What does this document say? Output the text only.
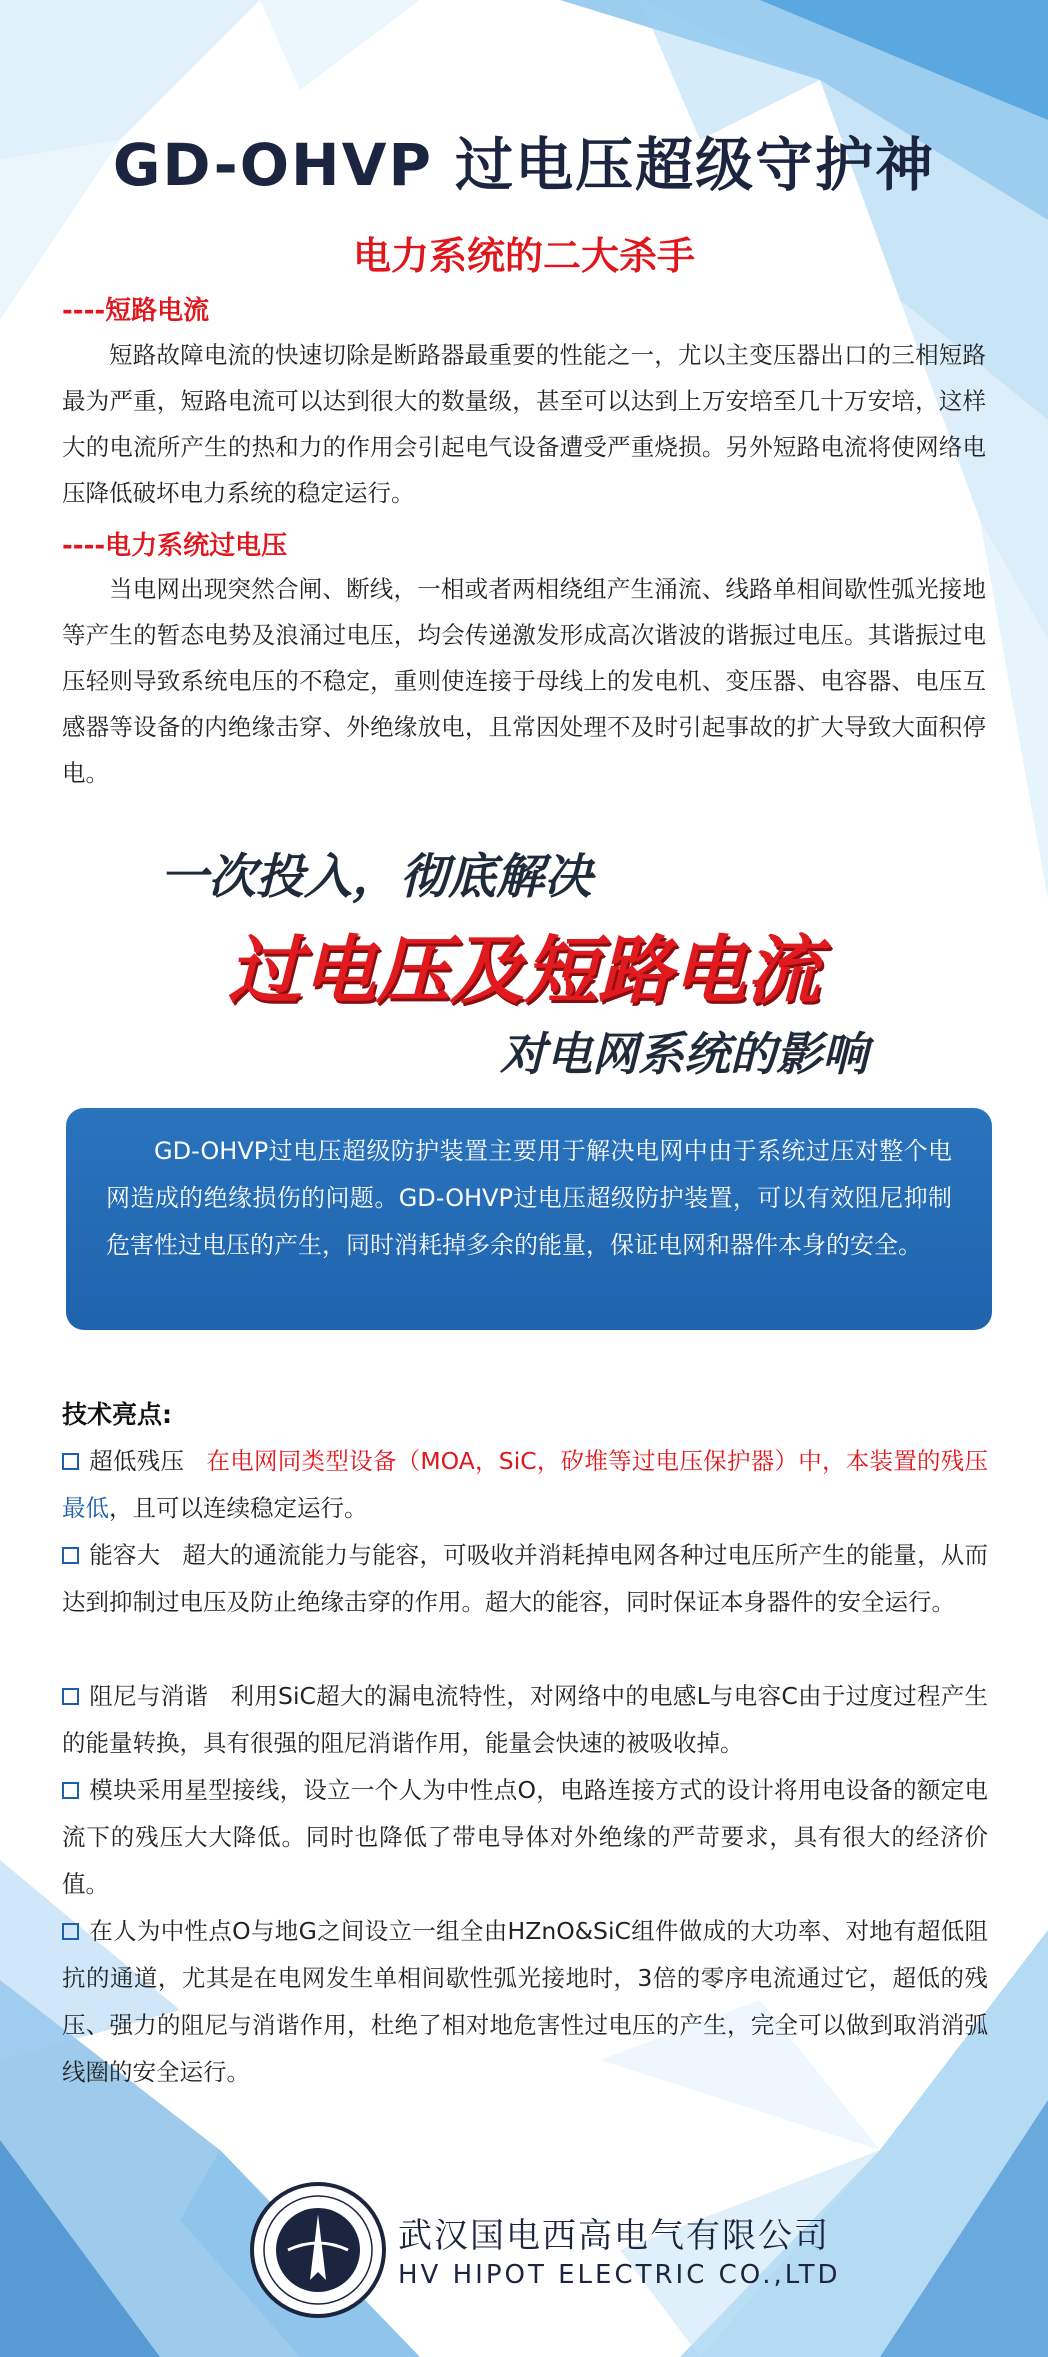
GD-OHVP 过电压超级守护神
电力系统的二大杀手
----短路电流
短路故障电流的快速切除是断路器最重要的性能之一，尤以主变压器出口的三相短路最为严重，短路电流可以达到很大的数量级，甚至可以达到上万安培至几十万安培，这样大的电流所产生的热和力的作用会引起电气设备遭受严重烧损。另外短路电流将使网络电压降低破坏电力系统的稳定运行。
----电力系统过电压
当电网出现突然合闸、断线，一相或者两相绕组产生涌流、线路单相间歇性弧光接地等产生的暂态电势及浪涌过电压，均会传递激发形成高次谐波的谐振过电压。其谐振过电压轻则导致系统电压的不稳定，重则使连接于母线上的发电机、变压器、电容器、电压互感器等设备的内绝缘击穿、外绝缘放电，且常因处理不及时引起事故的扩大导致大面积停电。
一次投入，彻底解决
过电压及短路电流
对电网系统的影响

GD-OHVP过电压超级防护装置主要用于解决电网中由于系统过压对整个电网造成的绝缘损伤的问题。GD-OHVP过电压超级防护装置，可以有效阻尼抑制危害性过电压的产生，同时消耗掉多余的能量，保证电网和器件本身的安全。

技术亮点:
超低残压 在电网同类型设备（MOA，SiC，矽堆等过电压保护器）中，本装置的残压最低，且可以连续稳定运行。
能容大 超大的通流能力与能容，可吸收并消耗掉电网各种过电压所产生的能量，从而达到抑制过电压及防止绝缘击穿的作用。超大的能容，同时保证本身器件的安全运行。
阻尼与消谐 利用SiC超大的漏电流特性，对网络中的电感L与电容C由于过度过程产生的能量转换，具有很强的阻尼消谐作用，能量会快速的被吸收掉。
模块采用星型接线，设立一个人为中性点O，电路连接方式的设计将用电设备的额定电流下的残压大大降低。同时也降低了带电导体对外绝缘的严苛要求，具有很大的经济价值。
在人为中性点O与地G之间设立一组全由HZnO&SiC组件做成的大功率、对地有超低阻抗的通道，尤其是在电网发生单相间歇性弧光接地时，3倍的零序电流通过它，超低的残压、强力的阻尼与消谐作用，杜绝了相对地危害性过电压的产生，完全可以做到取消消弧线圈的安全运行。
武汉国电西高电气有限公司
HV HIPOT ELECTRIC CO.,LTD
